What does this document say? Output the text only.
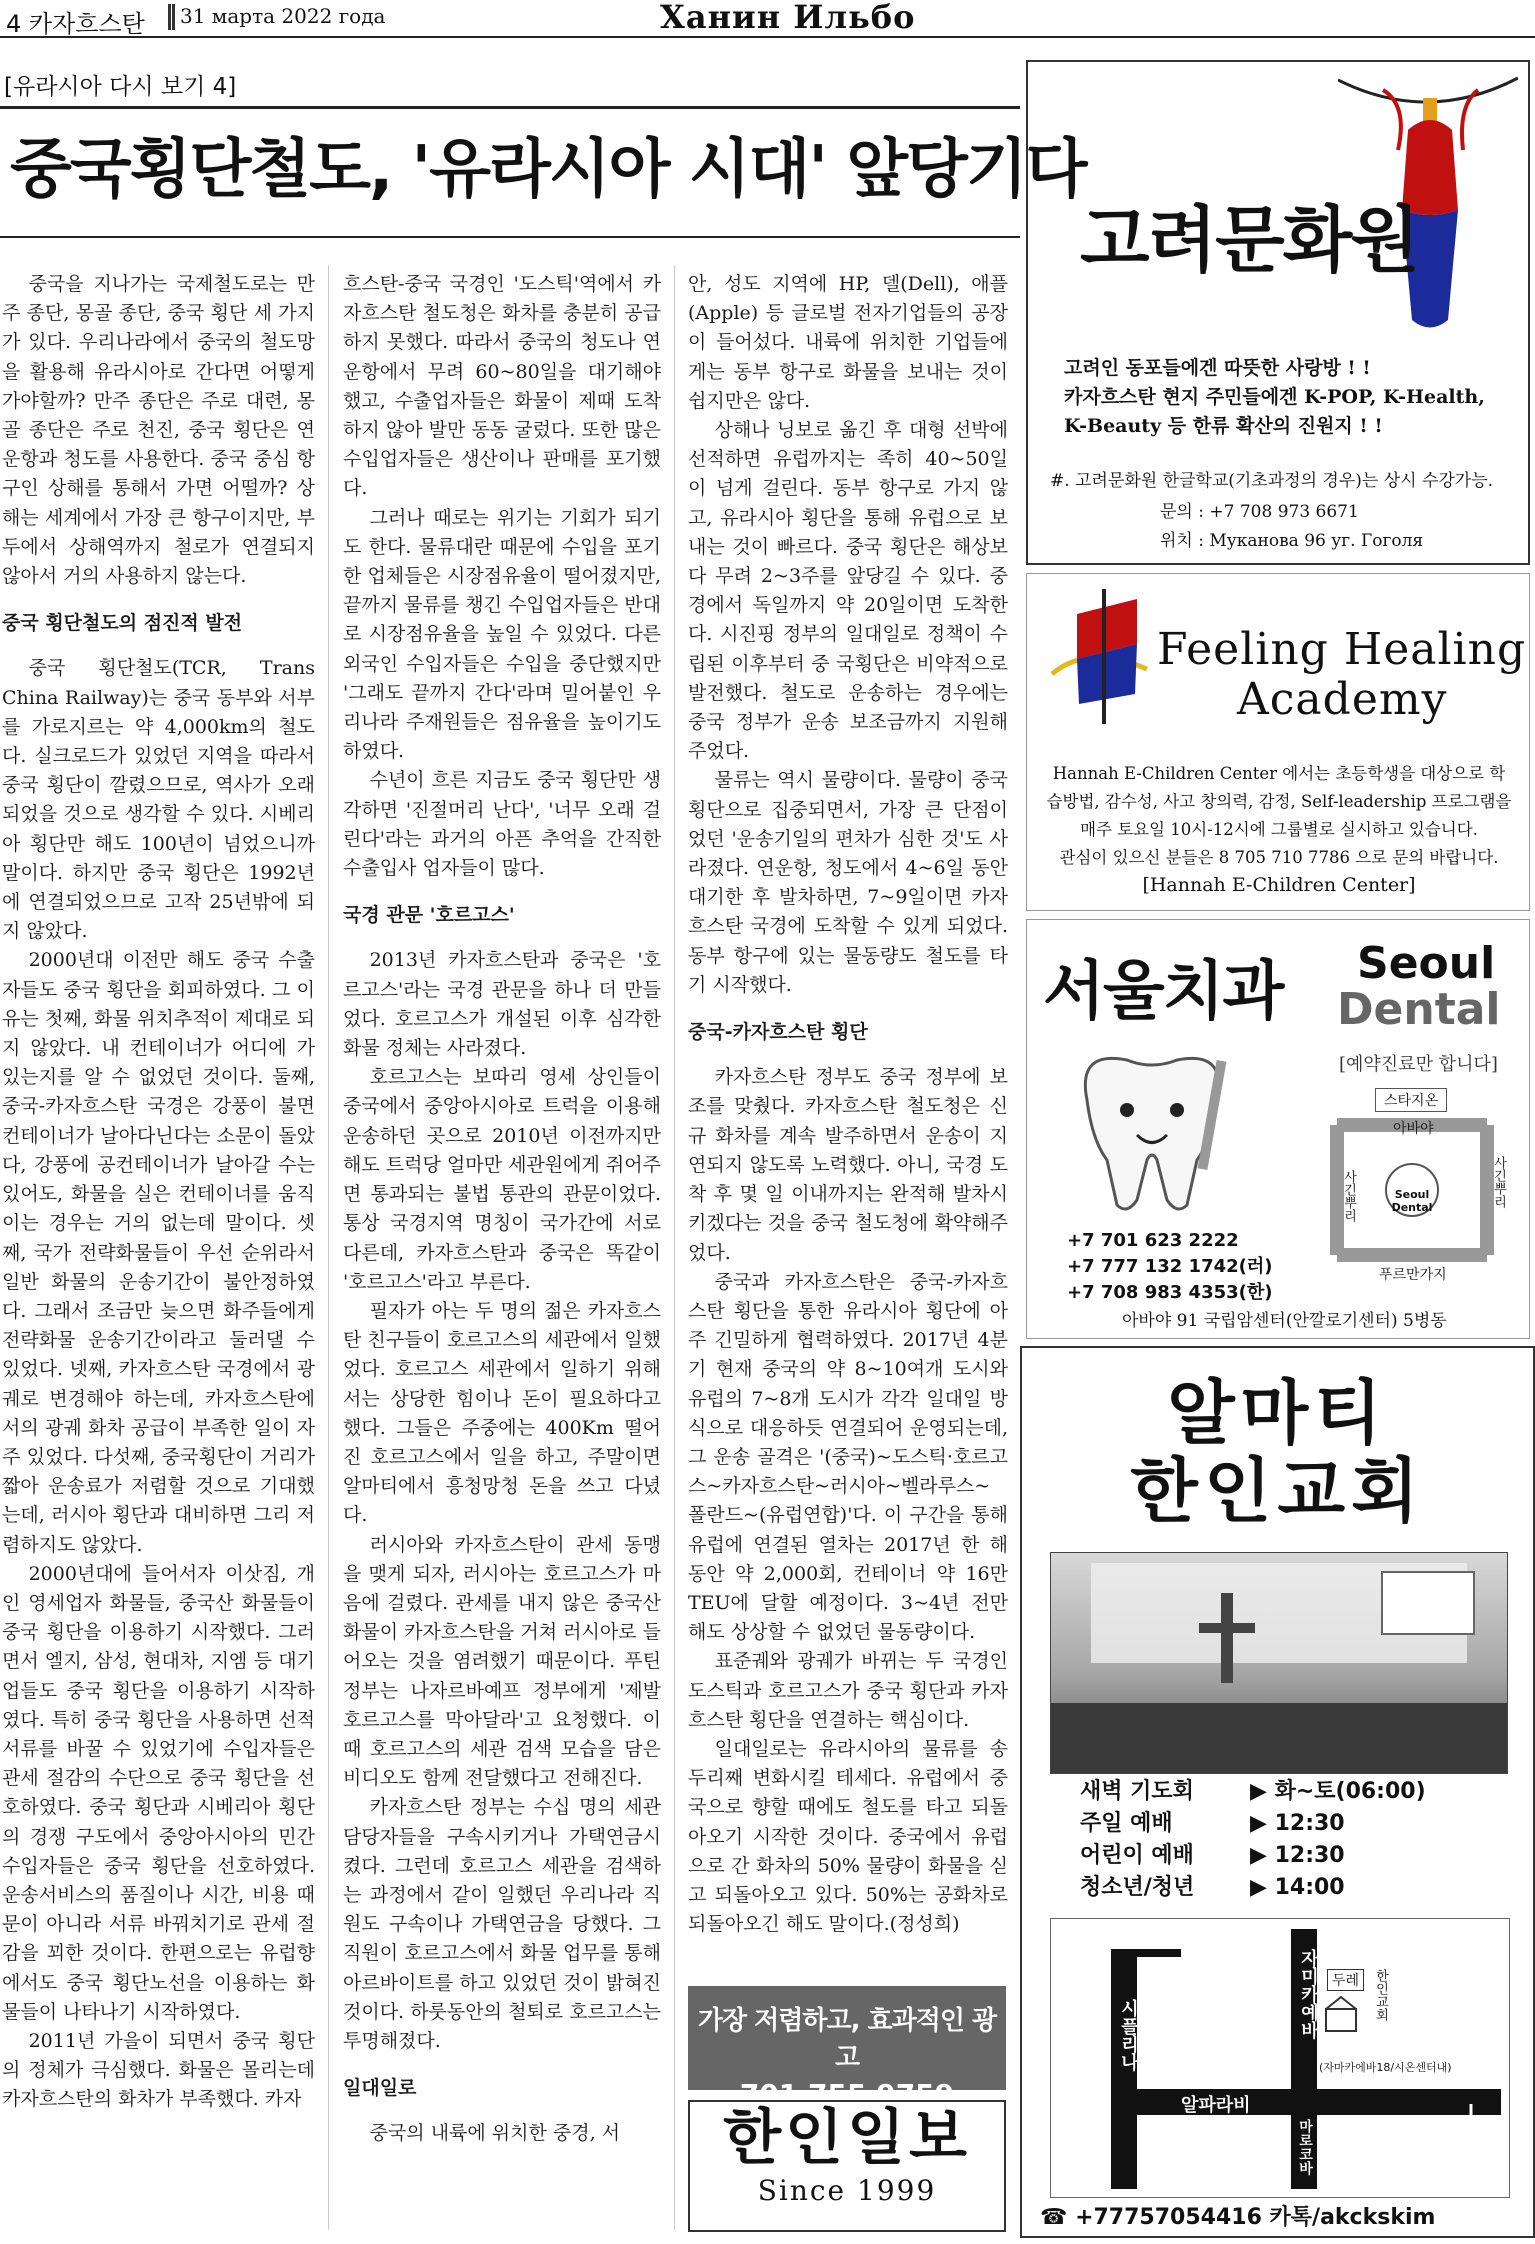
4 카자흐스탄 31 марта 2022 года	Ханин Ильбо
[유라시아 다시 보기 4]
중국횡단철도, '유라시아 시대' 앞당기다

중국을 지나가는 국제철도로는 만주 종단, 몽골 종단, 중국 횡단 세 가지가 있다. 우리나라에서 중국의 철도망을 활용해 유라시아로 간다면 어떻게 가야할까? 만주 종단은 주로 대련, 몽골 종단은 주로 천진, 중국 횡단은 연운항과 청도를 사용한다. 중국 중심 항구인 상해를 통해서 가면 어떨까? 상해는 세계에서 가장 큰 항구이지만, 부두에서 상해역까지 철로가 연결되지 않아서 거의 사용하지 않는다.

중국 횡단철도의 점진적 발전

중국 횡단철도(TCR, Trans China Railway)는 중국 동부와 서부를 가로지르는 약 4,000km의 철도다. 실크로드가 있었던 지역을 따라서 중국 횡단이 깔렸으므로, 역사가 오래되었을 것으로 생각할 수 있다. 시베리아 횡단만 해도 100년이 넘었으니까 말이다. 하지만 중국 횡단은 1992년에 연결되었으므로 고작 25년밖에 되지 않았다.

2000년대 이전만 해도 중국 수출자들도 중국 횡단을 회피하였다. 그 이유는 첫째, 화물 위치추적이 제대로 되지 않았다. 내 컨테이너가 어디에 가 있는지를 알 수 없었던 것이다. 둘째, 중국-카자흐스탄 국경은 강풍이 불면 컨테이너가 날아다닌다는 소문이 돌았다, 강풍에 공컨테이너가 날아갈 수는 있어도, 화물을 실은 컨테이너를 움직이는 경우는 거의 없는데 말이다. 셋째, 국가 전략화물들이 우선 순위라서 일반 화물의 운송기간이 불안정하였다. 그래서 조금만 늦으면 화주들에게 전략화물 운송기간이라고 둘러댈 수 있었다. 넷째, 카자흐스탄 국경에서 광궤로 변경해야 하는데, 카자흐스탄에서의 광궤 화차 공급이 부족한 일이 자주 있었다. 다섯째, 중국횡단이 거리가 짧아 운송료가 저렴할 것으로 기대했는데, 러시아 횡단과 대비하면 그리 저렴하지도 않았다.

2000년대에 들어서자 이삿짐, 개인 영세업자 화물들, 중국산 화물들이 중국 횡단을 이용하기 시작했다. 그러면서 엘지, 삼성, 현대차, 지엠 등 대기업들도 중국 횡단을 이용하기 시작하였다. 특히 중국 횡단을 사용하면 선적서류를 바꿀 수 있었기에 수입자들은 관세 절감의 수단으로 중국 횡단을 선호하였다. 중국 횡단과 시베리아 횡단의 경쟁 구도에서 중앙아시아의 민간 수입자들은 중국 횡단을 선호하였다. 운송서비스의 품질이나 시간, 비용 때문이 아니라 서류 바꿔치기로 관세 절감을 꾀한 것이다. 한편으로는 유럽향에서도 중국 횡단노선을 이용하는 화물들이 나타나기 시작하였다.

2011년 가을이 되면서 중국 횡단의 정체가 극심했다. 화물은 몰리는데 카자흐스탄의 화차가 부족했다. 카자

흐스탄-중국 국경인 '도스틱'역에서 카자흐스탄 철도청은 화차를 충분히 공급하지 못했다. 따라서 중국의 청도나 연운항에서 무려 60~80일을 대기해야 했고, 수출업자들은 화물이 제때 도착하지 않아 발만 동동 굴렀다. 또한 많은 수입업자들은 생산이나 판매를 포기했다.

그러나 때로는 위기는 기회가 되기도 한다. 물류대란 때문에 수입을 포기한 업체들은 시장점유율이 떨어졌지만, 끝까지 물류를 챙긴 수입업자들은 반대로 시장점유율을 높일 수 있었다. 다른 외국인 수입자들은 수입을 중단했지만 '그래도 끝까지 간다'라며 밀어붙인 우리나라 주재원들은 점유율을 높이기도 하였다.

수년이 흐른 지금도 중국 횡단만 생각하면 '진절머리 난다', '너무 오래 걸린다'라는 과거의 아픈 추억을 간직한 수출입사 업자들이 많다.

국경 관문 '호르고스'

2013년 카자흐스탄과 중국은 '호르고스'라는 국경 관문을 하나 더 만들었다. 호르고스가 개설된 이후 심각한 화물 정체는 사라졌다.

호르고스는 보따리 영세 상인들이 중국에서 중앙아시아로 트럭을 이용해 운송하던 곳으로 2010년 이전까지만 해도 트럭당 얼마만 세관원에게 쥐어주면 통과되는 불법 통관의 관문이었다. 통상 국경지역 명칭이 국가간에 서로 다른데, 카자흐스탄과 중국은 똑같이 '호르고스'라고 부른다.

필자가 아는 두 명의 젊은 카자흐스탄 친구들이 호르고스의 세관에서 일했었다. 호르고스 세관에서 일하기 위해서는 상당한 힘이나 돈이 필요하다고 했다. 그들은 주중에는 400Km 떨어진 호르고스에서 일을 하고, 주말이면 알마티에서 흥청망청 돈을 쓰고 다녔다.

러시아와 카자흐스탄이 관세 동맹을 맺게 되자, 러시아는 호르고스가 마음에 걸렸다. 관세를 내지 않은 중국산 화물이 카자흐스탄을 거쳐 러시아로 들어오는 것을 염려했기 때문이다. 푸틴 정부는 나자르바예프 정부에게 '제발 호르고스를 막아달라'고 요청했다. 이때 호르고스의 세관 검색 모습을 담은 비디오도 함께 전달했다고 전해진다.

카자흐스탄 정부는 수십 명의 세관담당자들을 구속시키거나 가택연금시켰다. 그런데 호르고스 세관을 검색하는 과정에서 같이 일했던 우리나라 직원도 구속이나 가택연금을 당했다. 그 직원이 호르고스에서 화물 업무를 통해 아르바이트를 하고 있었던 것이 밝혀진 것이다. 하룻동안의 철퇴로 호르고스는 투명해졌다.

일대일로

중국의 내륙에 위치한 중경, 서

안, 성도 지역에 HP, 델(Dell), 애플(Apple) 등 글로벌 전자기업들의 공장이 들어섰다. 내륙에 위치한 기업들에게는 동부 항구로 화물을 보내는 것이 쉽지만은 않다.

상해나 닝보로 옮긴 후 대형 선박에 선적하면 유럽까지는 족히 40~50일이 넘게 걸린다. 동부 항구로 가지 않고, 유라시아 횡단을 통해 유럽으로 보내는 것이 빠르다. 중국 횡단은 해상보다 무려 2~3주를 앞당길 수 있다. 중경에서 독일까지 약 20일이면 도착한다. 시진핑 정부의 일대일로 정책이 수립된 이후부터 중 국횡단은 비약적으로 발전했다. 철도로 운송하는 경우에는 중국 정부가 운송 보조금까지 지원해 주었다.

물류는 역시 물량이다. 물량이 중국횡단으로 집중되면서, 가장 큰 단점이었던 '운송기일의 편차가 심한 것'도 사라졌다. 연운항, 청도에서 4~6일 동안 대기한 후 발차하면, 7~9일이면 카자흐스탄 국경에 도착할 수 있게 되었다. 동부 항구에 있는 물동량도 철도를 타기 시작했다.

중국-카자흐스탄 횡단

카자흐스탄 정부도 중국 정부에 보조를 맞췄다. 카자흐스탄 철도청은 신규 화차를 계속 발주하면서 운송이 지연되지 않도록 노력했다. 아니, 국경 도착 후 몇 일 이내까지는 완적해 발차시키겠다는 것을 중국 철도청에 확약해주었다.

중국과 카자흐스탄은 중국-카자흐스탄 횡단을 통한 유라시아 횡단에 아주 긴밀하게 협력하였다. 2017년 4분기 현재 중국의 약 8~10여개 도시와 유럽의 7~8개 도시가 각각 일대일 방식으로 대응하듯 연결되어 운영되는데, 그 운송 골격은 '(중국)~도스틱·호르고스~카자흐스탄~러시아~벨라루스~폴란드~(유럽연합)'다. 이 구간을 통해 유럽에 연결된 열차는 2017년 한 해 동안 약 2,000회, 컨테이너 약 16만 TEU에 달할 예정이다. 3~4년 전만 해도 상상할 수 없었던 물동량이다.

표준궤와 광궤가 바뀌는 두 국경인 도스틱과 호르고스가 중국 횡단과 카자흐스탄 횡단을 연결하는 핵심이다.

일대일로는 유라시아의 물류를 송두리째 변화시킬 테세다. 유럽에서 중국으로 향할 때에도 철도를 타고 되돌아오기 시작한 것이다. 중국에서 유럽으로 간 화차의 50% 물량이 화물을 싣고 되돌아오고 있다. 50%는 공화차로 되돌아오긴 해도 말이다.(정성희)

가장 저렴하고, 효과적인 광고
701 755 9759
한인일보
Since 1999
고려문화원
고려인 동포들에겐 따뜻한 사랑방 ! !
카자흐스탄 현지 주민들에겐 K-POP, K-Health,
K-Beauty 등 한류 확산의 진원지 ! !
#. 고려문화원 한글학교(기초과정의 경우)는 상시 수강가능.
문의 : +7 708 973 6671
위치 : Муканова 96 уг. Гоголя
Feeling Healing
Academy
Hannah E-Children Center 에서는 초등학생을 대상으로 학
습방법, 감수성, 사고 창의력, 감정, Self-leadership 프로그램을
매주 토요일 10시-12시에 그룹별로 실시하고 있습니다.
관심이 있으신 분들은 8 705 710 7786 으로 문의 바랍니다.
[Hannah E-Children Center]
서울치과 Seoul
Dental
[예약진료만 합니다]
스타지온
아바야
사긴뿌리	사긴뿌리
Seoul
Dental
푸르만가지
+7 701 623 2222
+7 777 132 1742(러)
+7 708 983 4353(한)
아바야 91 국립암센터(안깔로기센터) 5병동
알마티
한인교회
새벽 기도회	▶ 화~토(06:00)
주일 예배	▶ 12:30
어린이 예배	▶ 12:30
청소년/청년	▶ 14:00
시플리나	자미카예바 두레	한인교회
(자마카에바18/시온센터내)
알파라비
마로코바
☎ +77757054416 카톡/akckskim
